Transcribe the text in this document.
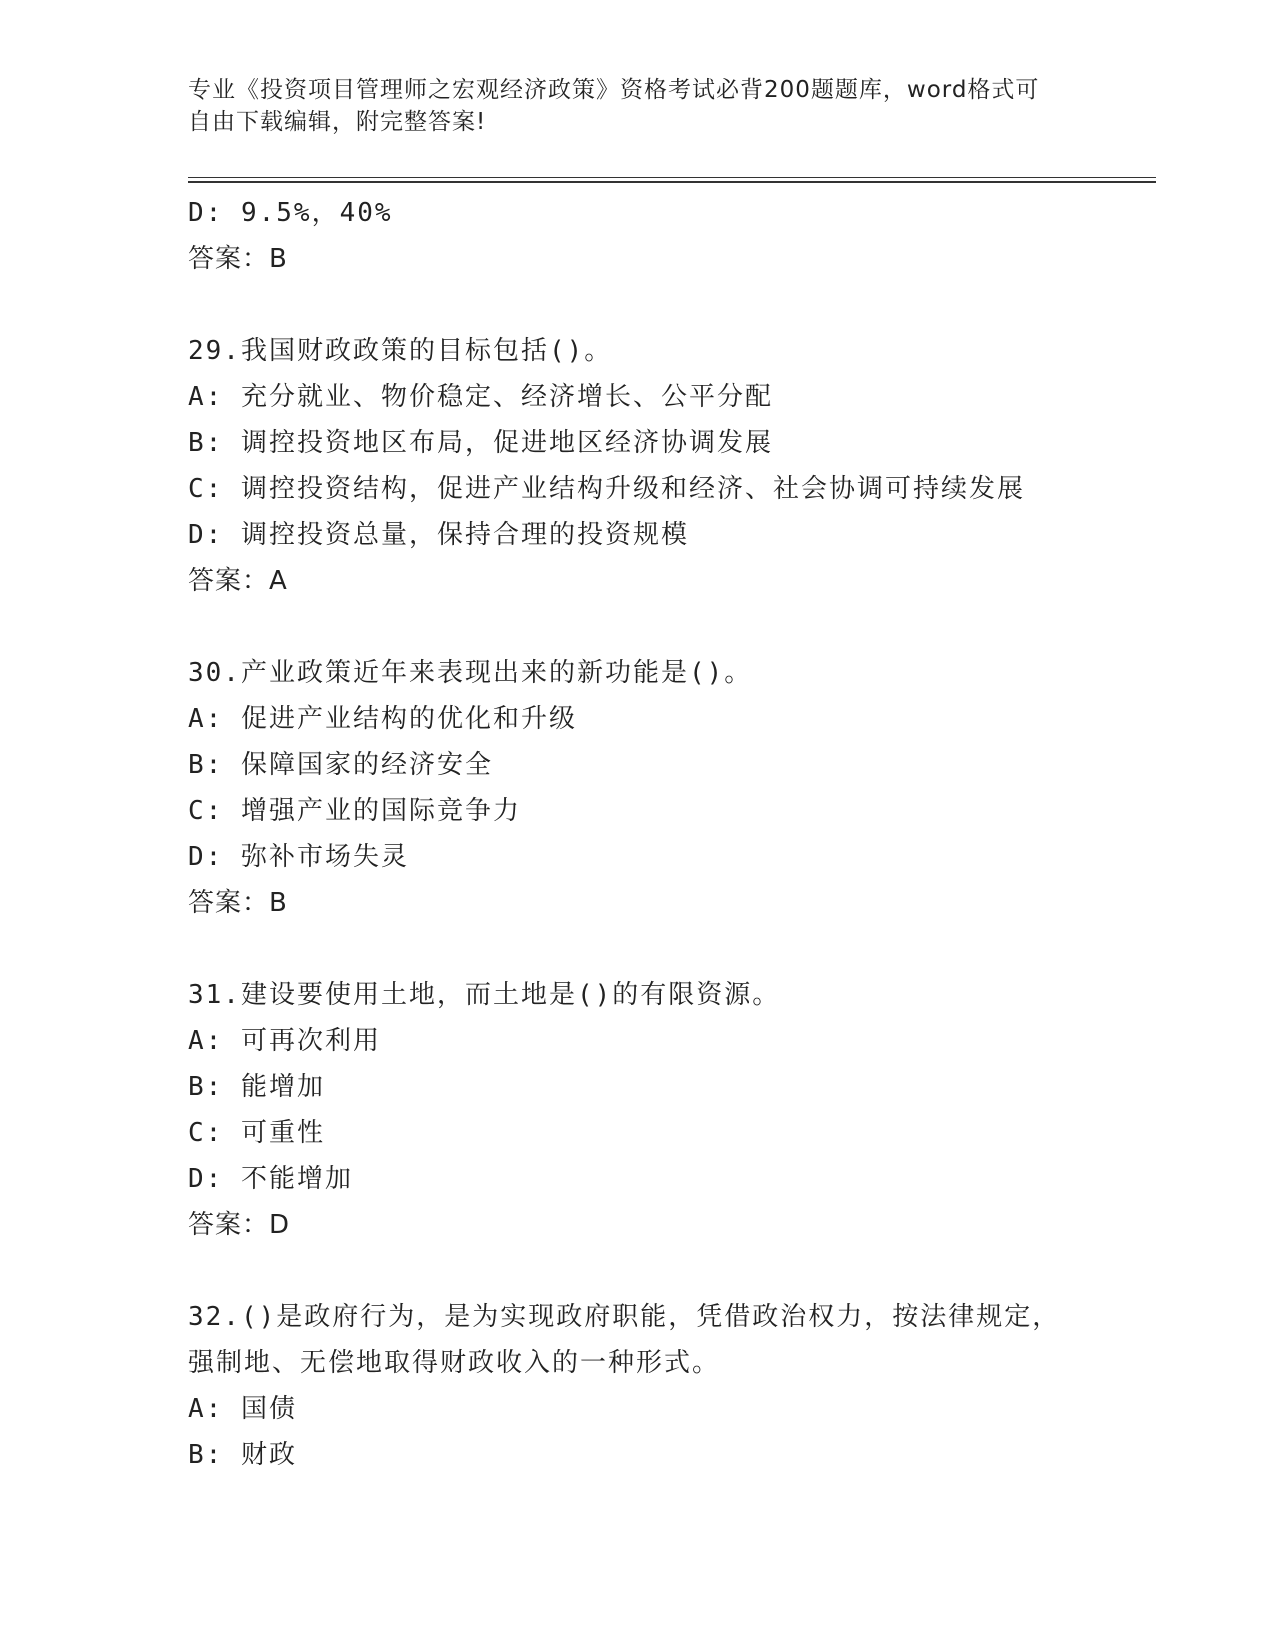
专业《投资项目管理师之宏观经济政策》资格考试必背200题题库，word格式可
自由下载编辑，附完整答案!
D: 9.5%，40%
答案：B
29.我国财政政策的目标包括()。
A: 充分就业、物价稳定、经济增长、公平分配
B: 调控投资地区布局，促进地区经济协调发展
C: 调控投资结构，促进产业结构升级和经济、社会协调可持续发展
D: 调控投资总量，保持合理的投资规模
答案：A
30.产业政策近年来表现出来的新功能是()。
A: 促进产业结构的优化和升级
B: 保障国家的经济安全
C: 增强产业的国际竞争力
D: 弥补市场失灵
答案：B
31.建设要使用土地，而土地是()的有限资源。
A: 可再次利用
B: 能增加
C: 可重性
D: 不能增加
答案：D
32.()是政府行为，是为实现政府职能，凭借政治权力，按法律规定，
强制地、无偿地取得财政收入的一种形式。
A: 国债
B: 财政
